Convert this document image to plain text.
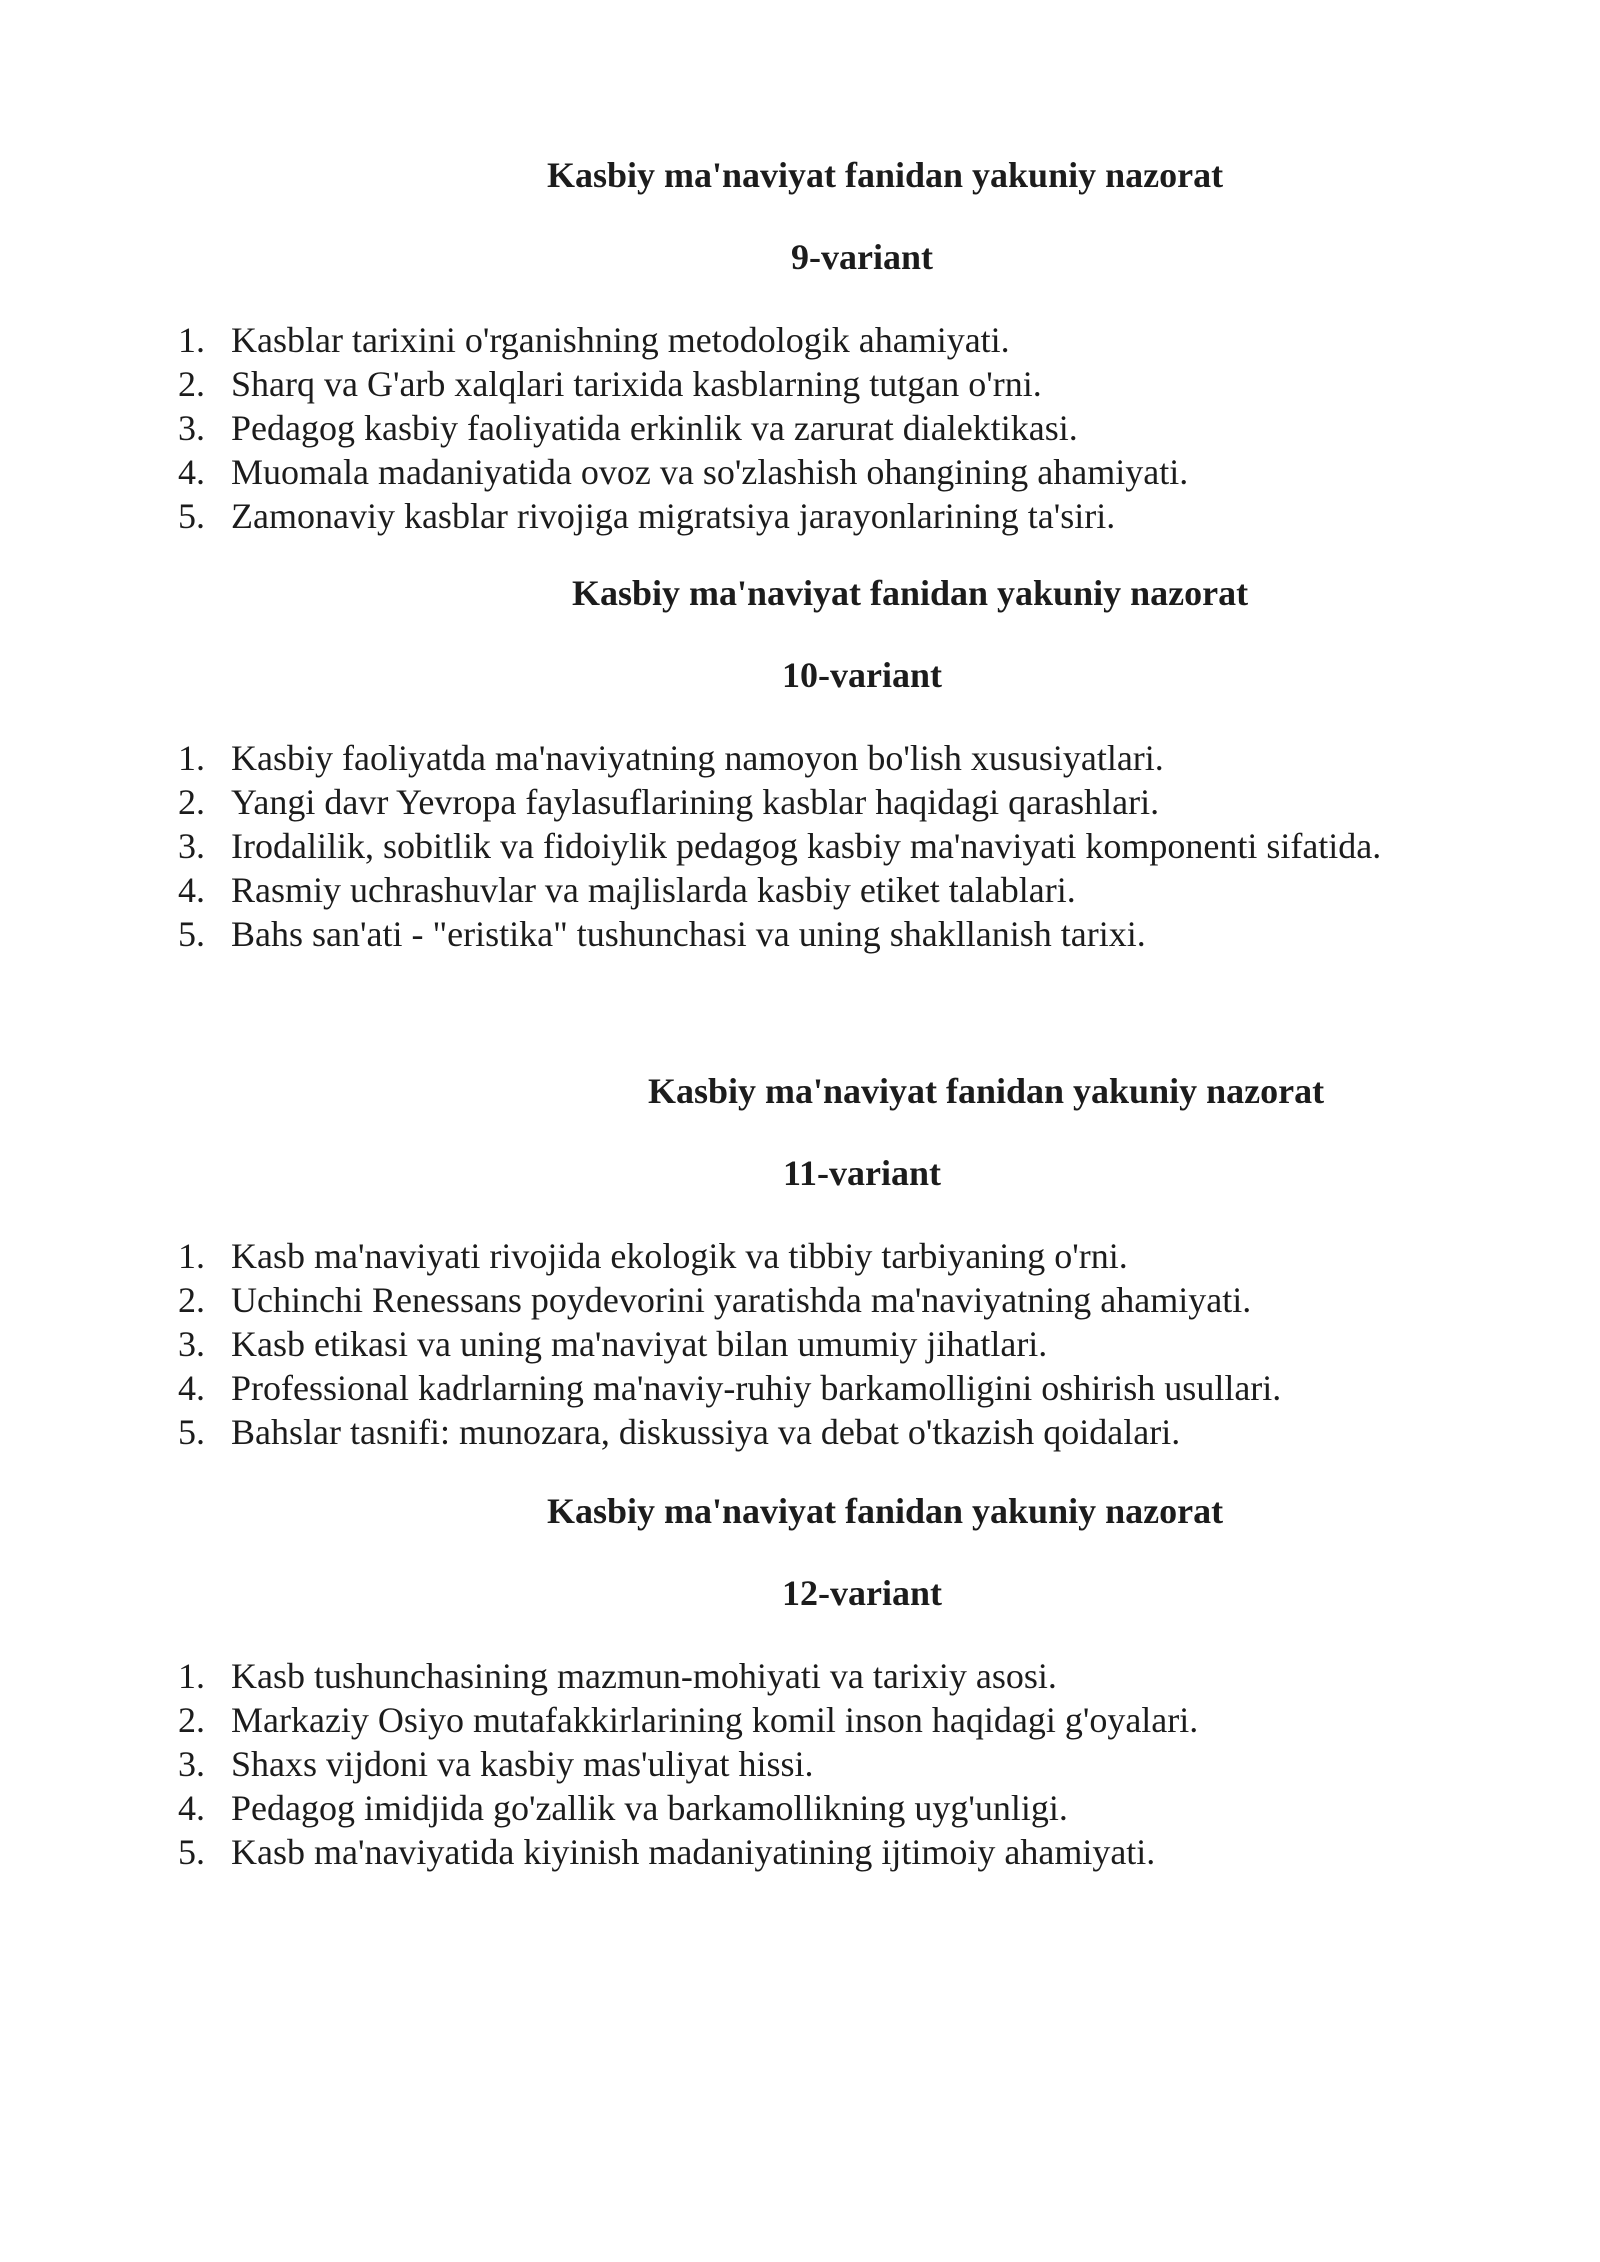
Kasbiy ma'naviyat fanidan yakuniy nazorat
9-variant
1. Kasblar tarixini o'rganishning metodologik ahamiyati.
2. Sharq va G'arb xalqlari tarixida kasblarning tutgan o'rni.
3. Pedagog kasbiy faoliyatida erkinlik va zarurat dialektikasi.
4. Muomala madaniyatida ovoz va so'zlashish ohangining ahamiyati.
5. Zamonaviy kasblar rivojiga migratsiya jarayonlarining ta'siri.
Kasbiy ma'naviyat fanidan yakuniy nazorat
10-variant
1. Kasbiy faoliyatda ma'naviyatning namoyon bo'lish xususiyatlari.
2. Yangi davr Yevropa faylasuflarining kasblar haqidagi qarashlari.
3. Irodalilik, sobitlik va fidoiylik pedagog kasbiy ma'naviyati komponenti sifatida.
4. Rasmiy uchrashuvlar va majlislarda kasbiy etiket talablari.
5. Bahs san'ati - "eristika" tushunchasi va uning shakllanish tarixi.
Kasbiy ma'naviyat fanidan yakuniy nazorat
11-variant
1. Kasb ma'naviyati rivojida ekologik va tibbiy tarbiyaning o'rni.
2. Uchinchi Renessans poydevorini yaratishda ma'naviyatning ahamiyati.
3. Kasb etikasi va uning ma'naviyat bilan umumiy jihatlari.
4. Professional kadrlarning ma'naviy-ruhiy barkamolligini oshirish usullari.
5. Bahslar tasnifi: munozara, diskussiya va debat o'tkazish qoidalari.
Kasbiy ma'naviyat fanidan yakuniy nazorat
12-variant
1. Kasb tushunchasining mazmun-mohiyati va tarixiy asosi.
2. Markaziy Osiyo mutafakkirlarining komil inson haqidagi g'oyalari.
3. Shaxs vijdoni va kasbiy mas'uliyat hissi.
4. Pedagog imidjida go'zallik va barkamollikning uyg'unligi.
5. Kasb ma'naviyatida kiyinish madaniyatining ijtimoiy ahamiyati.
